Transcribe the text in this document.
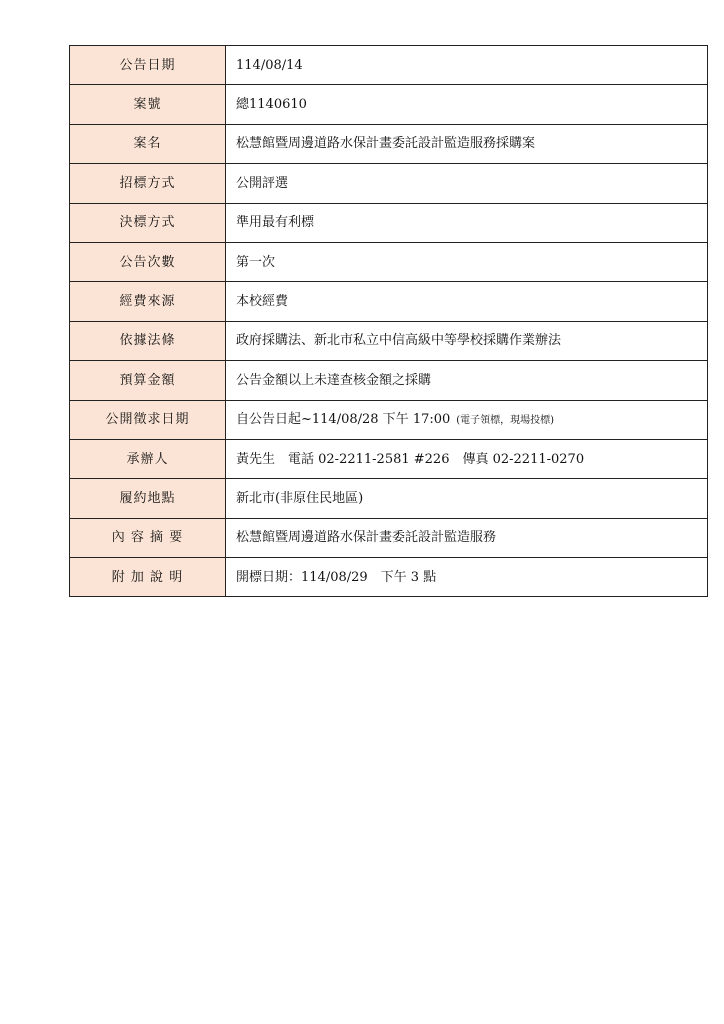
公告日期	114/08/14
案號	總1140610
案名	松慧館暨周邊道路水保計畫委託設計監造服務採購案
招標方式	公開評選
決標方式	準用最有利標
公告次數	第一次
經費來源	本校經費
依據法條	政府採購法、新北市私立中信高級中等學校採購作業辦法
預算金額	公告金額以上未達查核金額之採購
公開徵求日期	自公告日起~114/08/28 下午 17:00 (電子領標，現場投標)
承辦人	黃先生　電話 02-2211-2581 #226　傳真 02-2211-0270
履約地點	新北市(非原住民地區)
內 容 摘 要	松慧館暨周邊道路水保計畫委託設計監造服務
附 加 說 明	開標日期：114/08/29　下午 3 點
